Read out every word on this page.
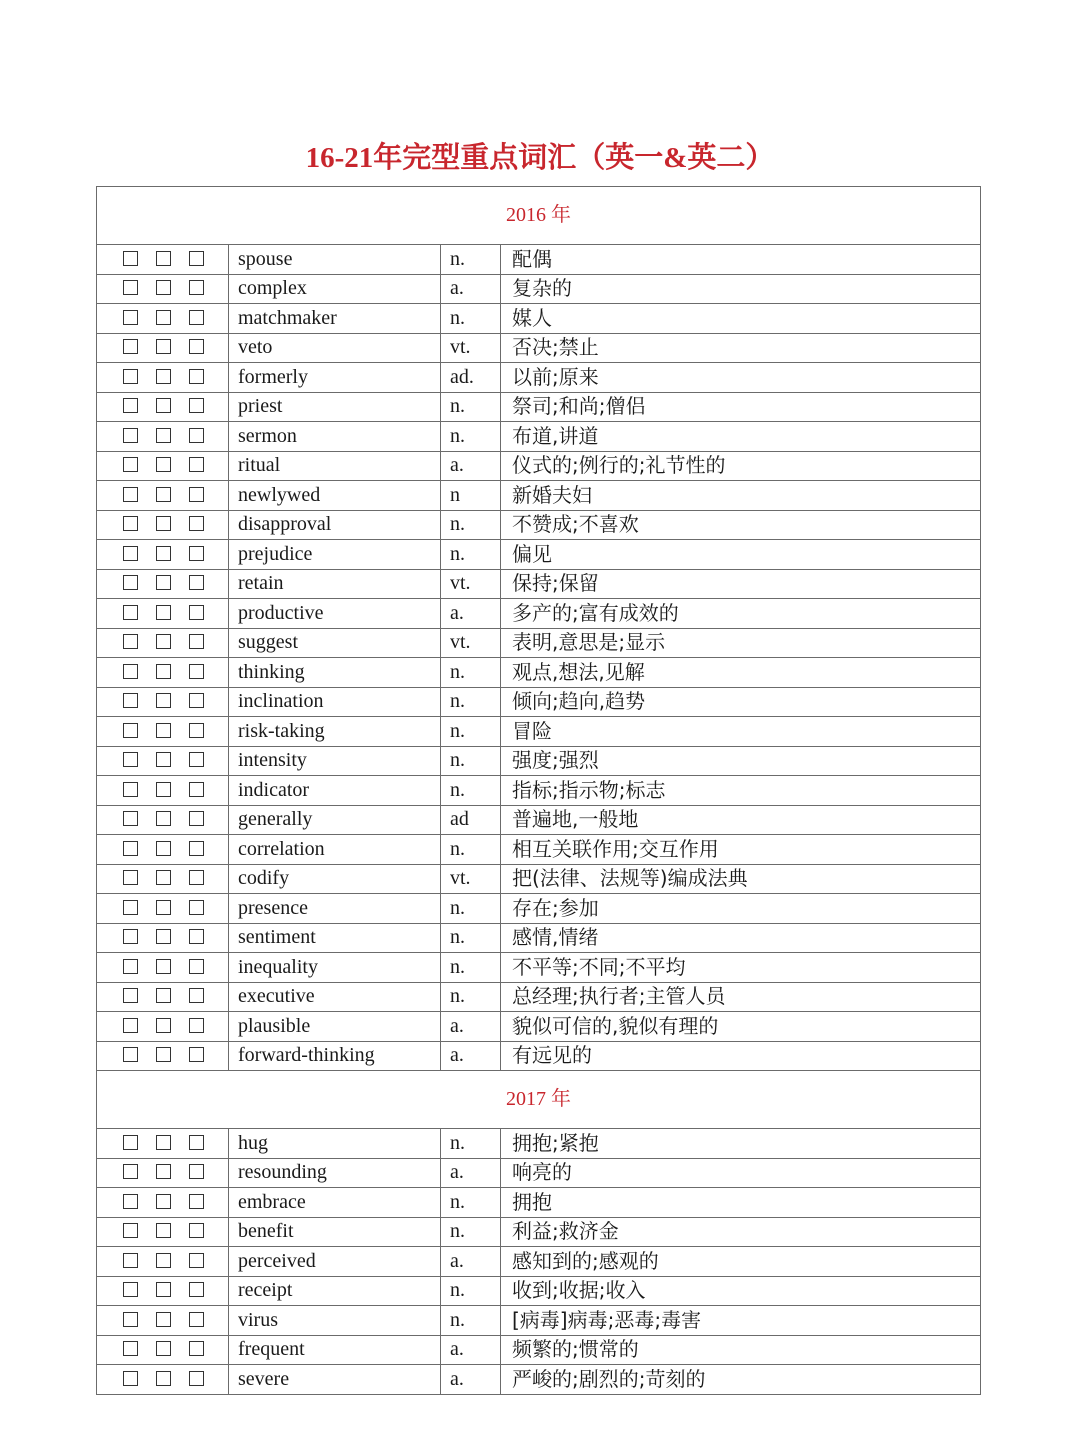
16-21年完型重点词汇（英一&英二）
2016 年			
	spouse	n.	配偶
	complex	a.	复杂的
	matchmaker	n.	媒人
	veto	vt.	否决;禁止
	formerly	ad.	以前;原来
	priest	n.	祭司;和尚;僧侣
	sermon	n.	布道,讲道
	ritual	a.	仪式的;例行的;礼节性的
	newlywed	n	新婚夫妇
	disapproval	n.	不赞成;不喜欢
	prejudice	n.	偏见
	retain	vt.	保持;保留
	productive	a.	多产的;富有成效的
	suggest	vt.	表明,意思是;显示
	thinking	n.	观点,想法,见解
	inclination	n.	倾向;趋向,趋势
	risk-taking	n.	冒险
	intensity	n.	强度;强烈
	indicator	n.	指标;指示物;标志
	generally	ad	普遍地,一般地
	correlation	n.	相互关联作用;交互作用
	codify	vt.	把(法律、法规等)编成法典
	presence	n.	存在;参加
	sentiment	n.	感情,情绪
	inequality	n.	不平等;不同;不平均
	executive	n.	总经理;执行者;主管人员
	plausible	a.	貌似可信的,貌似有理的
	forward-thinking	a.	有远见的
2017 年			
	hug	n.	拥抱;紧抱
	resounding	a.	响亮的
	embrace	n.	拥抱
	benefit	n.	利益;救济金
	perceived	a.	感知到的;感观的
	receipt	n.	收到;收据;收入
	virus	n.	[病毒]病毒;恶毒;毒害
	frequent	a.	频繁的;惯常的
	severe	a.	严峻的;剧烈的;苛刻的
